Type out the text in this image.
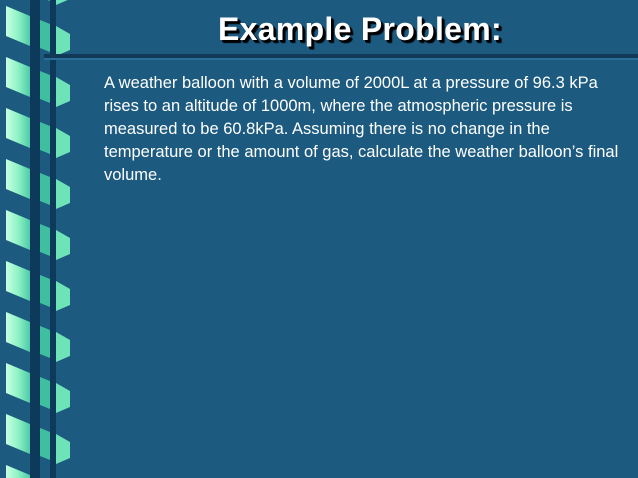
Example Problem:

A weather balloon with a volume of 2000L at a pressure of 96.3 kPa rises to an altitude of 1000m, where the atmospheric pressure is measured to be 60.8kPa. Assuming there is no change in the temperature or the amount of gas, calculate the weather balloon’s final volume.
